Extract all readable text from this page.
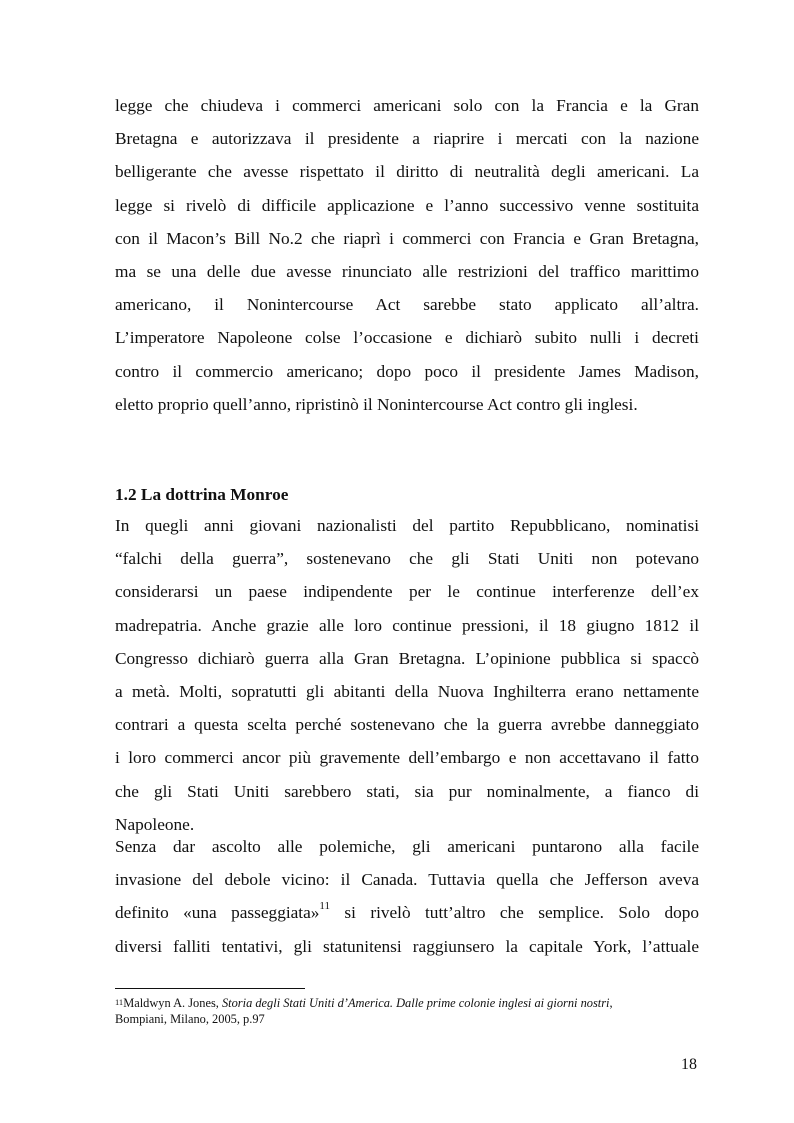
legge che chiudeva i commerci americani solo con la Francia e la Gran
Bretagna e autorizzava il presidente a riaprire i mercati con la nazione
belligerante che avesse rispettato il diritto di neutralità degli americani. La
legge si rivelò di difficile applicazione e l’anno successivo venne sostituita
con il Macon’s Bill No.2 che riaprì i commerci con Francia e Gran Bretagna,
ma se una delle due avesse rinunciato alle restrizioni del traffico marittimo
americano, il Nonintercourse Act sarebbe stato applicato all’altra.
L’imperatore Napoleone colse l’occasione e dichiarò subito nulli i decreti
contro il commercio americano; dopo poco il presidente James Madison,
eletto proprio quell’anno, ripristinò il Nonintercourse Act contro gli inglesi.

1.2 La dottrina Monroe

In quegli anni giovani nazionalisti del partito Repubblicano, nominatisi
“falchi della guerra”, sostenevano che gli Stati Uniti non potevano
considerarsi un paese indipendente per le continue interferenze dell’ex
madrepatria. Anche grazie alle loro continue pressioni, il 18 giugno 1812 il
Congresso dichiarò guerra alla Gran Bretagna. L’opinione pubblica si spaccò
a metà. Molti, sopratutti gli abitanti della Nuova Inghilterra erano nettamente
contrari a questa scelta perché sostenevano che la guerra avrebbe danneggiato
i loro commerci ancor più gravemente dell’embargo e non accettavano il fatto
che gli Stati Uniti sarebbero stati, sia pur nominalmente, a fianco di
Napoleone.

Senza dar ascolto alle polemiche, gli americani puntarono alla facile
invasione del debole vicino: il Canada. Tuttavia quella che Jefferson aveva
definito «una passeggiata»$^{11}$ si rivelò tutt’altro che semplice. Solo dopo
diversi falliti tentativi, gli statunitensi raggiunsero la capitale York, l’attuale

$^{11}$Maldwyn A. Jones, Storia degli Stati Uniti d’America. Dalle prime colonie inglesi ai giorni nostri,
Bompiani, Milano, 2005, p.97

18
